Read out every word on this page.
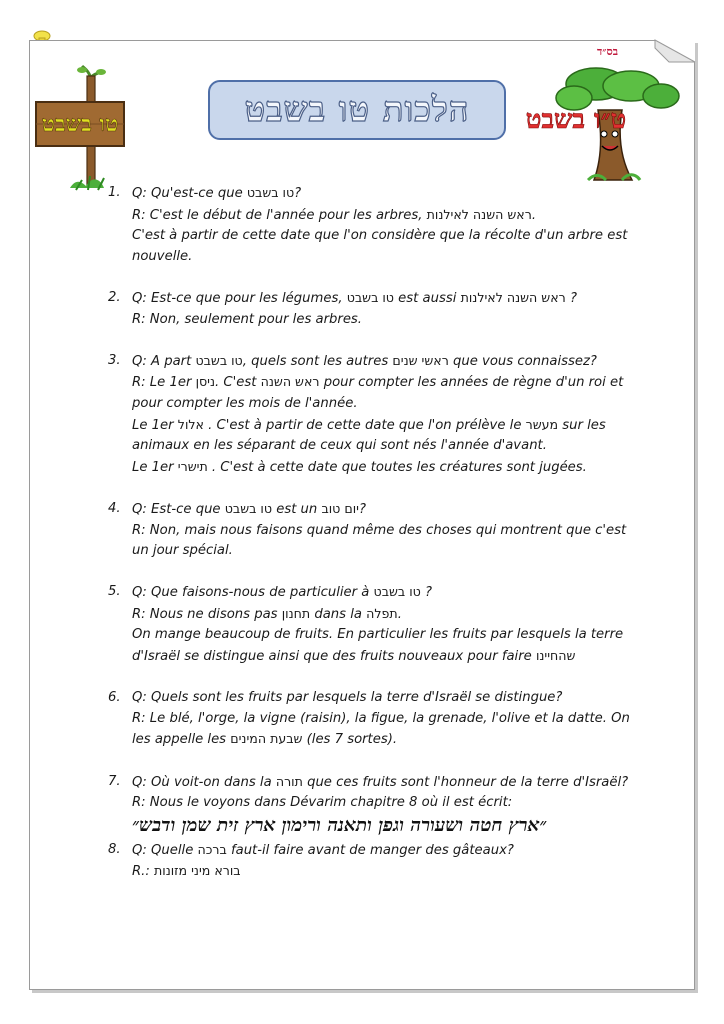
בס״ד
טו בשבט	הלכות טו בשבט ט״ו בשבט
1. Q: Qu'est-ce que טו בשבט?
R: C'est le début de l'année pour les arbres, ראש השנה לאילנות.
C'est à partir de cette date que l'on considère que la récolte d'un arbre est
nouvelle.
2. Q: Est-ce que pour les légumes, טו בשבט est aussi ראש השנה לאילנות ?
R: Non, seulement pour les arbres.
3. Q: A part טו בשבט, quels sont les autres ראשי שנים que vous connaissez?
R: Le 1er ניסן. C'est ראש השנה pour compter les années de règne d'un roi et
pour compter les mois de l'année.
Le 1er אלול . C'est à partir de cette date que l'on prélève le מעשר sur les
animaux en les séparant de ceux qui sont nés l'année d'avant.
Le 1er תישרי . C'est à cette date que toutes les créatures sont jugées.
4. Q: Est-ce que טו בשבט est un יום טוב?
R: Non, mais nous faisons quand même des choses qui montrent que c'est
un jour spécial.
5. Q: Que faisons-nous de particulier à טו בשבט ?
R: Nous ne disons pas תחנון dans la תפלה.
On mange beaucoup de fruits. En particulier les fruits par lesquels la terre
d'Israël se distingue ainsi que des fruits nouveaux pour faire שהחיינו
6. Q: Quels sont les fruits par lesquels la terre d'Israël se distingue?
R: Le blé, l'orge, la vigne (raisin), la figue, la grenade, l'olive et la datte. On
les appelle les שבעת המינים (les 7 sortes).
7. Q: Où voit-on dans la תורה que ces fruits sont l'honneur de la terre d'Israël?
R: Nous le voyons dans Dévarim chapitre 8 où il est écrit:
8. Q: Quelle ברכה faut-il faire avant de manger des gâteaux?
R.: בורא מיני מזונות
״ארץ חטה ושעורה וגפן ותאנה ורימון ארץ זית שמן ודבש״
